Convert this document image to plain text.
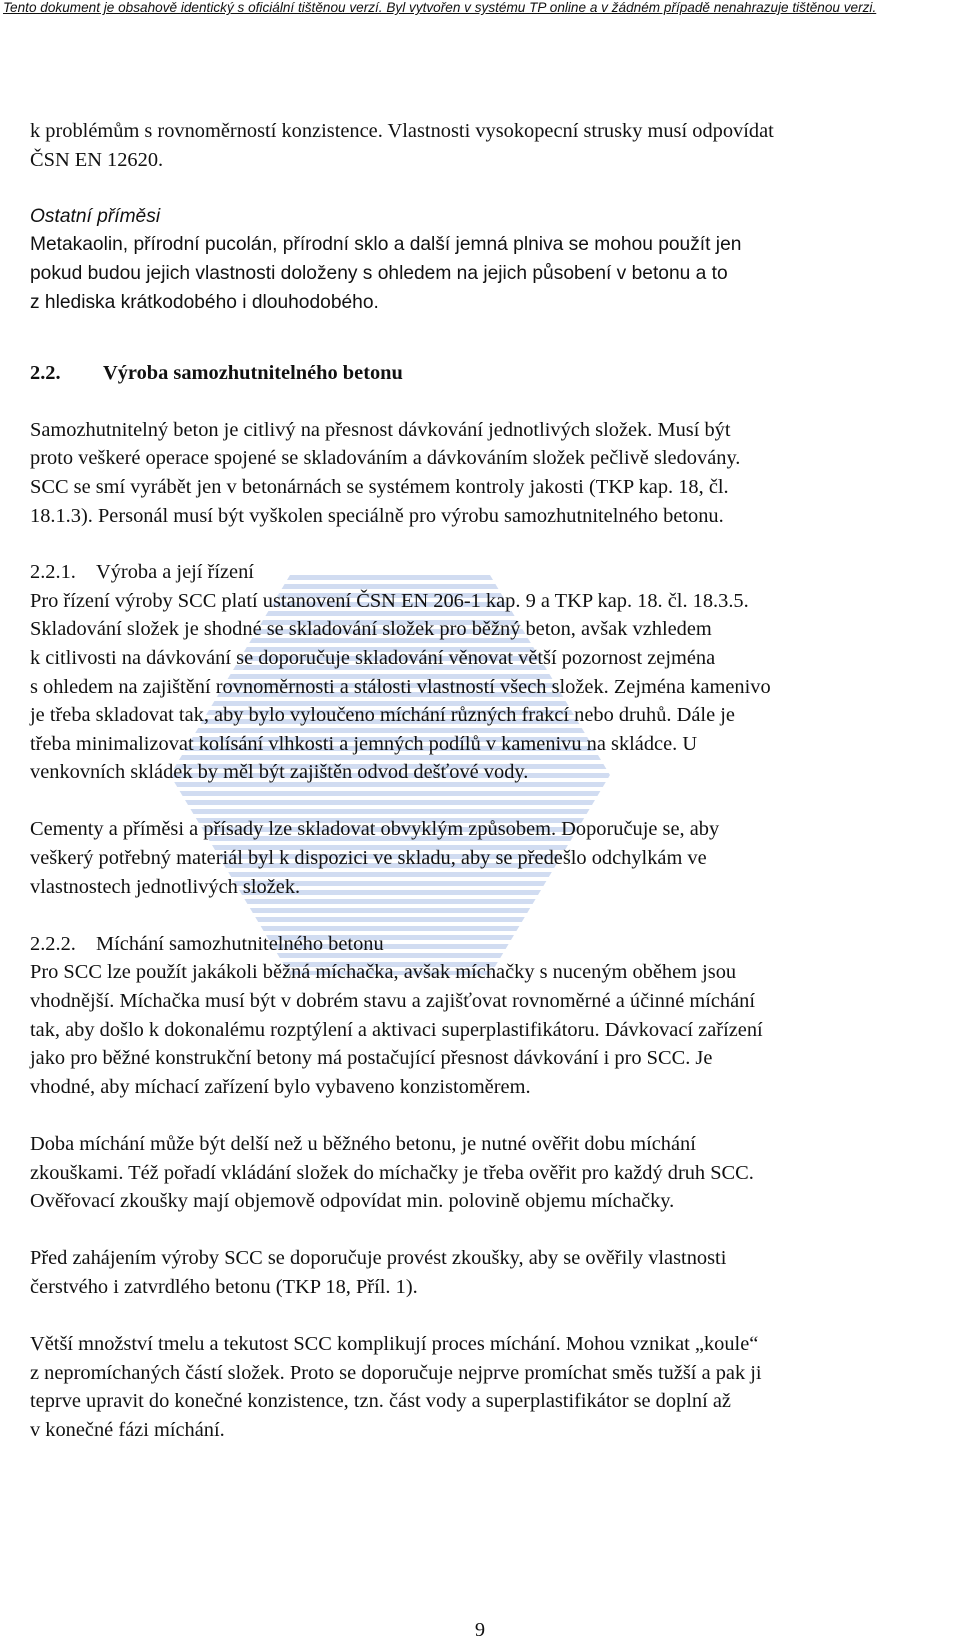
Tento dokument je obsahově identický s oficiální tištěnou verzí. Byl vytvořen v systému TP online a v žádném případě nenahrazuje tištěnou verzi.

k problémům s rovnoměrností konzistence. Vlastnosti vysokopecní strusky musí odpovídat

ČSN EN 12620.

Ostatní příměsi

Metakaolin, přírodní pucolán, přírodní sklo a další jemná plniva se mohou použít jen

pokud budou jejich vlastnosti doloženy s ohledem na jejich působení v betonu a to

z hlediska krátkodobého i dlouhodobého.

2.2. Výroba samozhutnitelného betonu

Samozhutnitelný beton je citlivý na přesnost dávkování jednotlivých složek. Musí být

proto veškeré operace spojené se skladováním a dávkováním složek pečlivě sledovány.

SCC se smí vyrábět jen v betonárnách se systémem kontroly jakosti (TKP kap. 18, čl.

18.1.3). Personál musí být vyškolen speciálně pro výrobu samozhutnitelného betonu.

2.2.1. Výroba a její řízení

Pro řízení výroby SCC platí ustanovení ČSN EN 206-1 kap. 9 a TKP kap. 18. čl. 18.3.5.

Skladování složek je shodné se skladování složek pro běžný beton, avšak vzhledem

k citlivosti na dávkování se doporučuje skladování věnovat větší pozornost zejména

s ohledem na zajištění rovnoměrnosti a stálosti vlastností všech složek. Zejména kamenivo

je třeba skladovat tak, aby bylo vyloučeno míchání různých frakcí nebo druhů. Dále je

třeba minimalizovat kolísání vlhkosti a jemných podílů v kamenivu na skládce. U

venkovních skládek by měl být zajištěn odvod dešťové vody.

Cementy a příměsi a přísady lze skladovat obvyklým způsobem. Doporučuje se, aby

veškerý potřebný materiál byl k dispozici ve skladu, aby se předešlo odchylkám ve

vlastnostech jednotlivých složek.

2.2.2. Míchání samozhutnitelného betonu

Pro SCC lze použít jakákoli běžná míchačka, avšak míchačky s nuceným oběhem jsou

vhodnější. Míchačka musí být v dobrém stavu a zajišťovat rovnoměrné a účinné míchání

tak, aby došlo k dokonalému rozptýlení a aktivaci superplastifikátoru. Dávkovací zařízení

jako pro běžné konstrukční betony má postačující přesnost dávkování i pro SCC. Je

vhodné, aby míchací zařízení bylo vybaveno konzistoměrem.

Doba míchání může být delší než u běžného betonu, je nutné ověřit dobu míchání

zkouškami. Též pořadí vkládání složek do míchačky je třeba ověřit pro každý druh SCC.

Ověřovací zkoušky mají objemově odpovídat min. polovině objemu míchačky.

Před zahájením výroby SCC se doporučuje provést zkoušky, aby se ověřily vlastnosti

čerstvého i zatvrdlého betonu (TKP 18, Příl. 1).

Větší množství tmelu a tekutost SCC komplikují proces míchání. Mohou vznikat „koule“

z nepromíchaných částí složek. Proto se doporučuje nejprve promíchat směs tužší a pak ji

teprve upravit do konečné konzistence, tzn. část vody a superplastifikátor se doplní až

v konečné fázi míchání.

9
